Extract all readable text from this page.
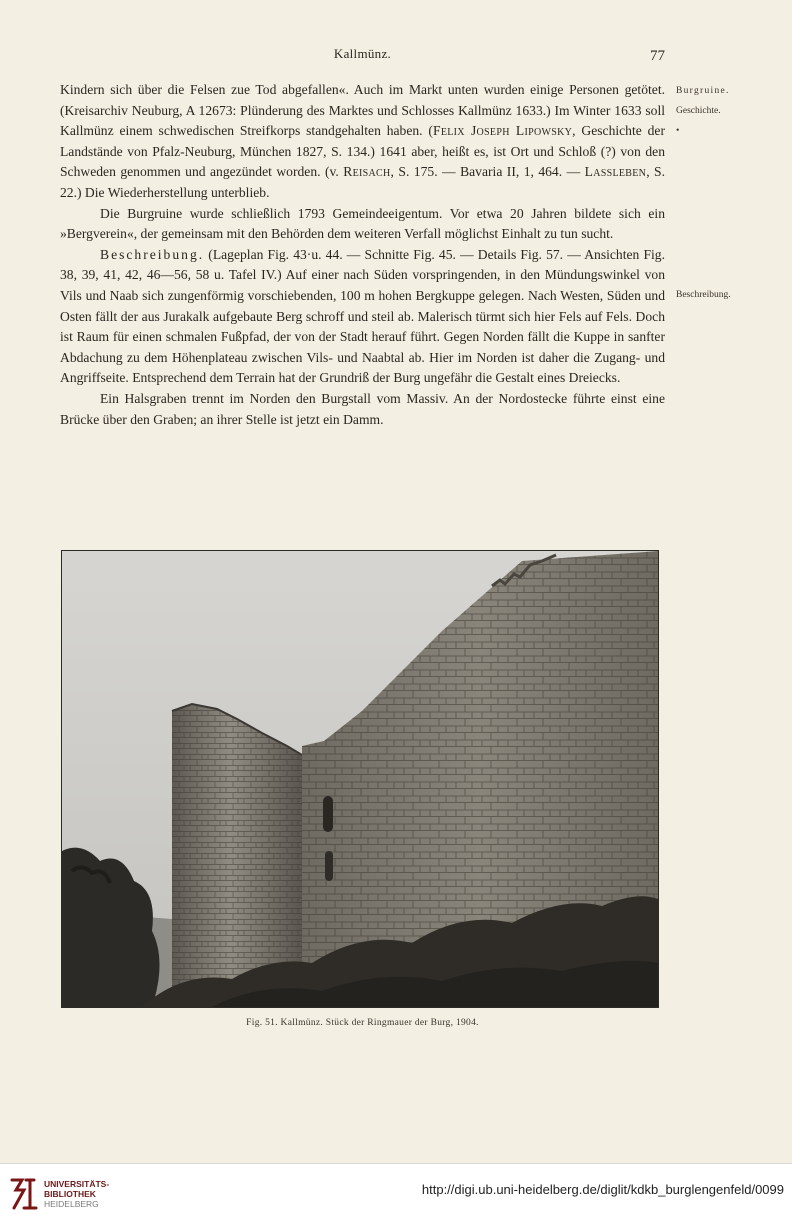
Kallmünz.	77
Burgruine.
Geschichte.
•
Beschreibung.

Kindern sich über die Felsen zue Tod abgefallen«. Auch im Markt unten wurden einige Personen getötet. (Kreisarchiv Neuburg, A 12673: Plünderung des Marktes und Schlosses Kallmünz 1633.) Im Winter 1633 soll Kallmünz einem schwedischen Streifkorps standgehalten haben. (Felix Joseph Lipowsky, Geschichte der Landstände von Pfalz-Neuburg, München 1827, S. 134.) 1641 aber, heißt es, ist Ort und Schloß (?) von den Schweden genommen und angezündet worden. (v. Reisach, S. 175. — Bavaria II, 1, 464. — Lassleben, S. 22.) Die Wiederherstellung unterblieb.

Die Burgruine wurde schließlich 1793 Gemeindeeigentum. Vor etwa 20 Jahren bildete sich ein »Bergverein«, der gemeinsam mit den Behörden dem weiteren Verfall möglichst Einhalt zu tun sucht.

Beschreibung. (Lageplan Fig. 43·u. 44. — Schnitte Fig. 45. — Details Fig. 57. — Ansichten Fig. 38, 39, 41, 42, 46—56, 58 u. Tafel IV.) Auf einer nach Süden vorspringenden, in den Mündungswinkel von Vils und Naab sich zungenförmig vorschiebenden, 100 m hohen Bergkuppe gelegen. Nach Westen, Süden und Osten fällt der aus Jurakalk aufgebaute Berg schroff und steil ab. Malerisch türmt sich hier Fels auf Fels. Doch ist Raum für einen schmalen Fußpfad, der von der Stadt herauf führt. Gegen Norden fällt die Kuppe in sanfter Abdachung zu dem Höhenplateau zwischen Vils- und Naabtal ab. Hier im Norden ist daher die Zugang- und Angriffseite. Entsprechend dem Terrain hat der Grundriß der Burg ungefähr die Gestalt eines Dreiecks.

Ein Halsgraben trennt im Norden den Burgstall vom Massiv. An der Nordostecke führte einst eine Brücke über den Graben; an ihrer Stelle ist jetzt ein Damm.

Fig. 51. Kallmünz. Stück der Ringmauer der Burg, 1904.
UNIVERSITÄTS-
BIBLIOTHEK
HEIDELBERG
http://digi.ub.uni-heidelberg.de/diglit/kdkb_burglengenfeld/0099
